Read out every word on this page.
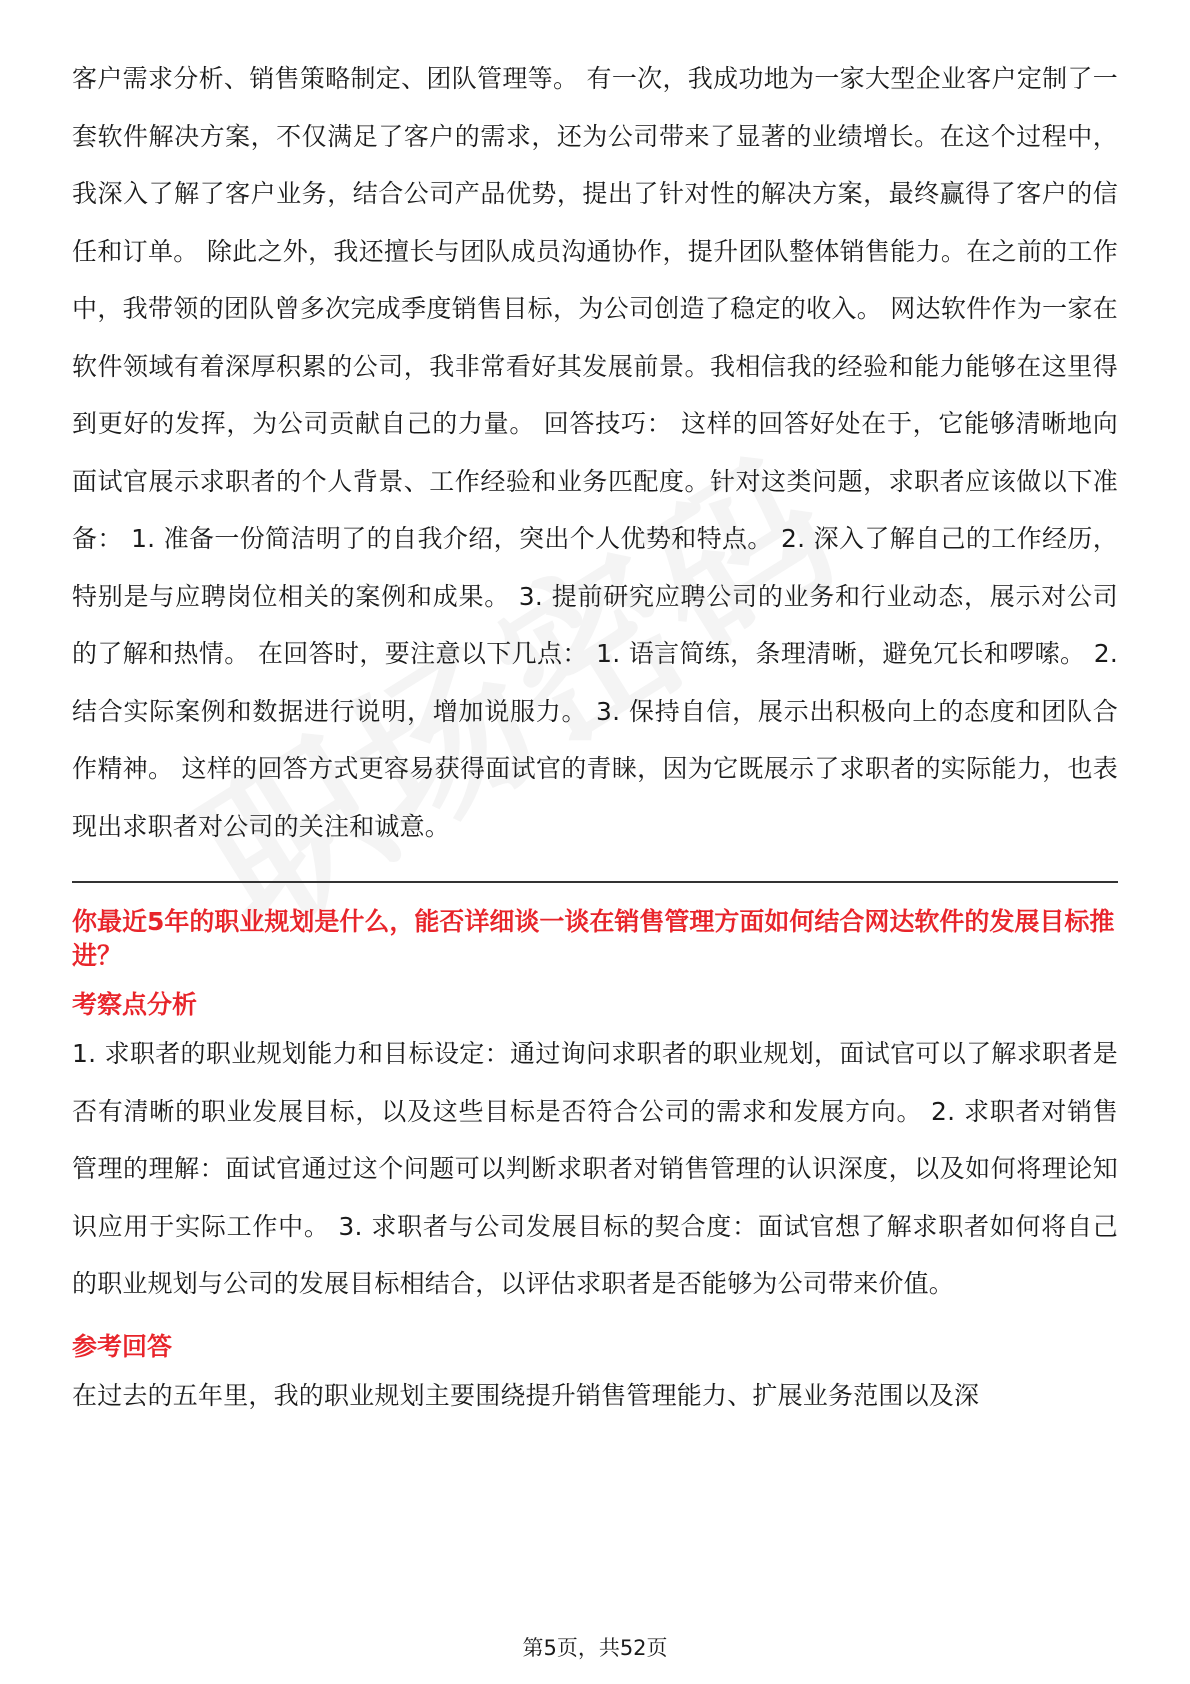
客户需求分析、销售策略制定、团队管理等。 有一次，我成功地为一家大型企业客户定制了一套软件解决方案，不仅满足了客户的需求，还为公司带来了显著的业绩增长。在这个过程中，我深入了解了客户业务，结合公司产品优势，提出了针对性的解决方案，最终赢得了客户的信任和订单。 除此之外，我还擅长与团队成员沟通协作，提升团队整体销售能力。在之前的工作中，我带领的团队曾多次完成季度销售目标，为公司创造了稳定的收入。 网达软件作为一家在软件领域有着深厚积累的公司，我非常看好其发展前景。我相信我的经验和能力能够在这里得到更好的发挥，为公司贡献自己的力量。 回答技巧： 这样的回答好处在于，它能够清晰地向面试官展示求职者的个人背景、工作经验和业务匹配度。针对这类问题，求职者应该做以下准备： 1. 准备一份简洁明了的自我介绍，突出个人优势和特点。 2. 深入了解自己的工作经历，特别是与应聘岗位相关的案例和成果。 3. 提前研究应聘公司的业务和行业动态，展示对公司的了解和热情。 在回答时，要注意以下几点： 1. 语言简练，条理清晰，避免冗长和啰嗦。 2. 结合实际案例和数据进行说明，增加说服力。 3. 保持自信，展示出积极向上的态度和团队合作精神。 这样的回答方式更容易获得面试官的青睐，因为它既展示了求职者的实际能力，也表现出求职者对公司的关注和诚意。

你最近5年的职业规划是什么，能否详细谈一谈在销售管理方面如何结合网达软件的发展目标推进？

考察点分析

1. 求职者的职业规划能力和目标设定：通过询问求职者的职业规划，面试官可以了解求职者是否有清晰的职业发展目标，以及这些目标是否符合公司的需求和发展方向。 2. 求职者对销售管理的理解：面试官通过这个问题可以判断求职者对销售管理的认识深度，以及如何将理论知识应用于实际工作中。 3. 求职者与公司发展目标的契合度：面试官想了解求职者如何将自己的职业规划与公司的发展目标相结合，以评估求职者是否能够为公司带来价值。

参考回答

在过去的五年里，我的职业规划主要围绕提升销售管理能力、扩展业务范围以及深

第5页，共52页
